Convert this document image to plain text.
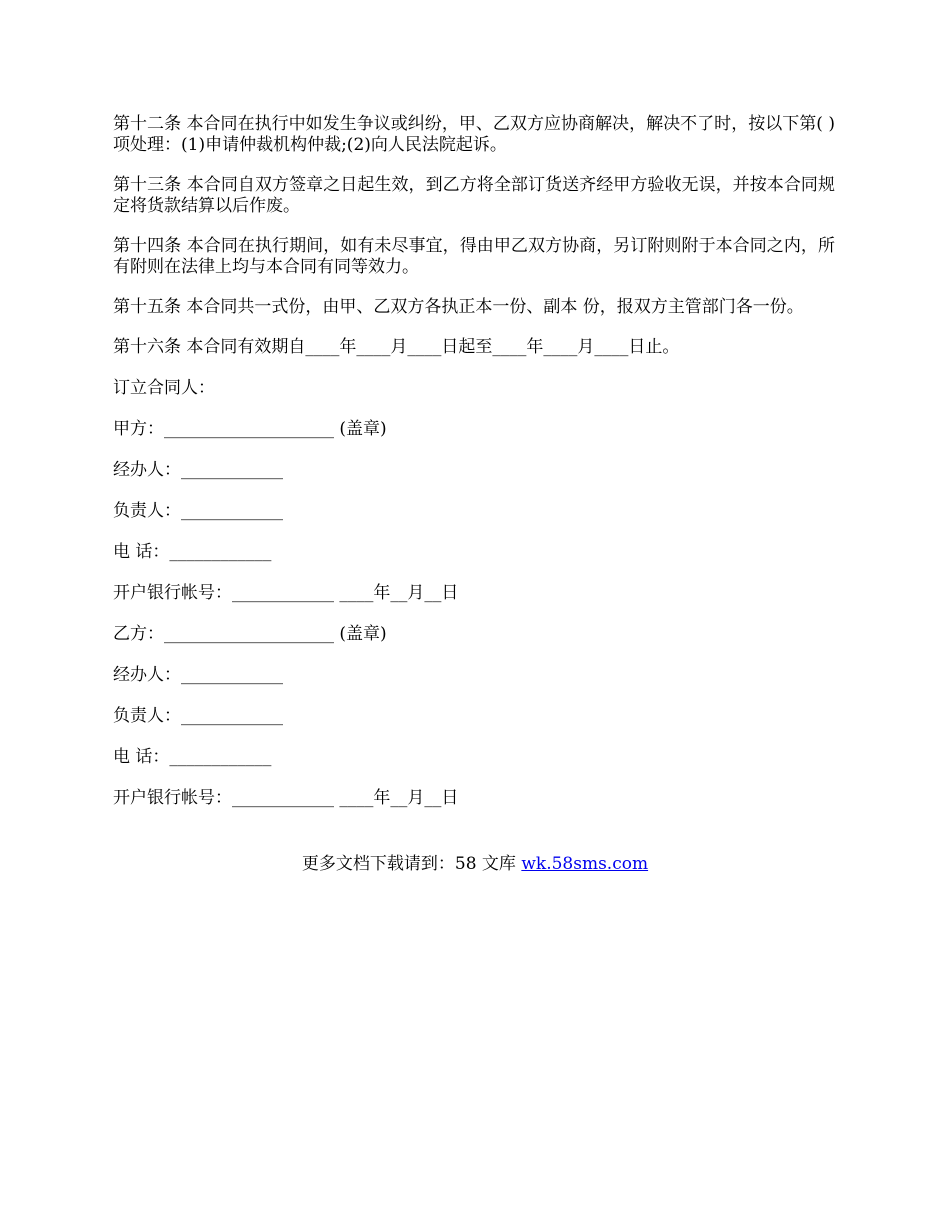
第十二条 本合同在执行中如发生争议或纠纷，甲、乙双方应协商解决，解决不了时，按以下第( )项处理：(1)申请仲裁机构仲裁;(2)向人民法院起诉。

第十三条 本合同自双方签章之日起生效，到乙方将全部订货送齐经甲方验收无误，并按本合同规定将货款结算以后作废。

第十四条 本合同在执行期间，如有未尽事宜，得由甲乙双方协商，另订附则附于本合同之内，所有附则在法律上均与本合同有同等效力。

第十五条 本合同共一式份，由甲、乙双方各执正本一份、副本 份，报双方主管部门各一份。

第十六条 本合同有效期自____年____月____日起至____年____月____日止。

订立合同人：

甲方：____________________ (盖章)

经办人：____________

负责人：____________

电 话：____________

开户银行帐号：____________ ____年__月__日

乙方：____________________ (盖章)

经办人：____________

负责人：____________

电 话：____________

开户银行帐号：____________ ____年__月__日

更多文档下载请到：58 文库 wk.58sms.com
